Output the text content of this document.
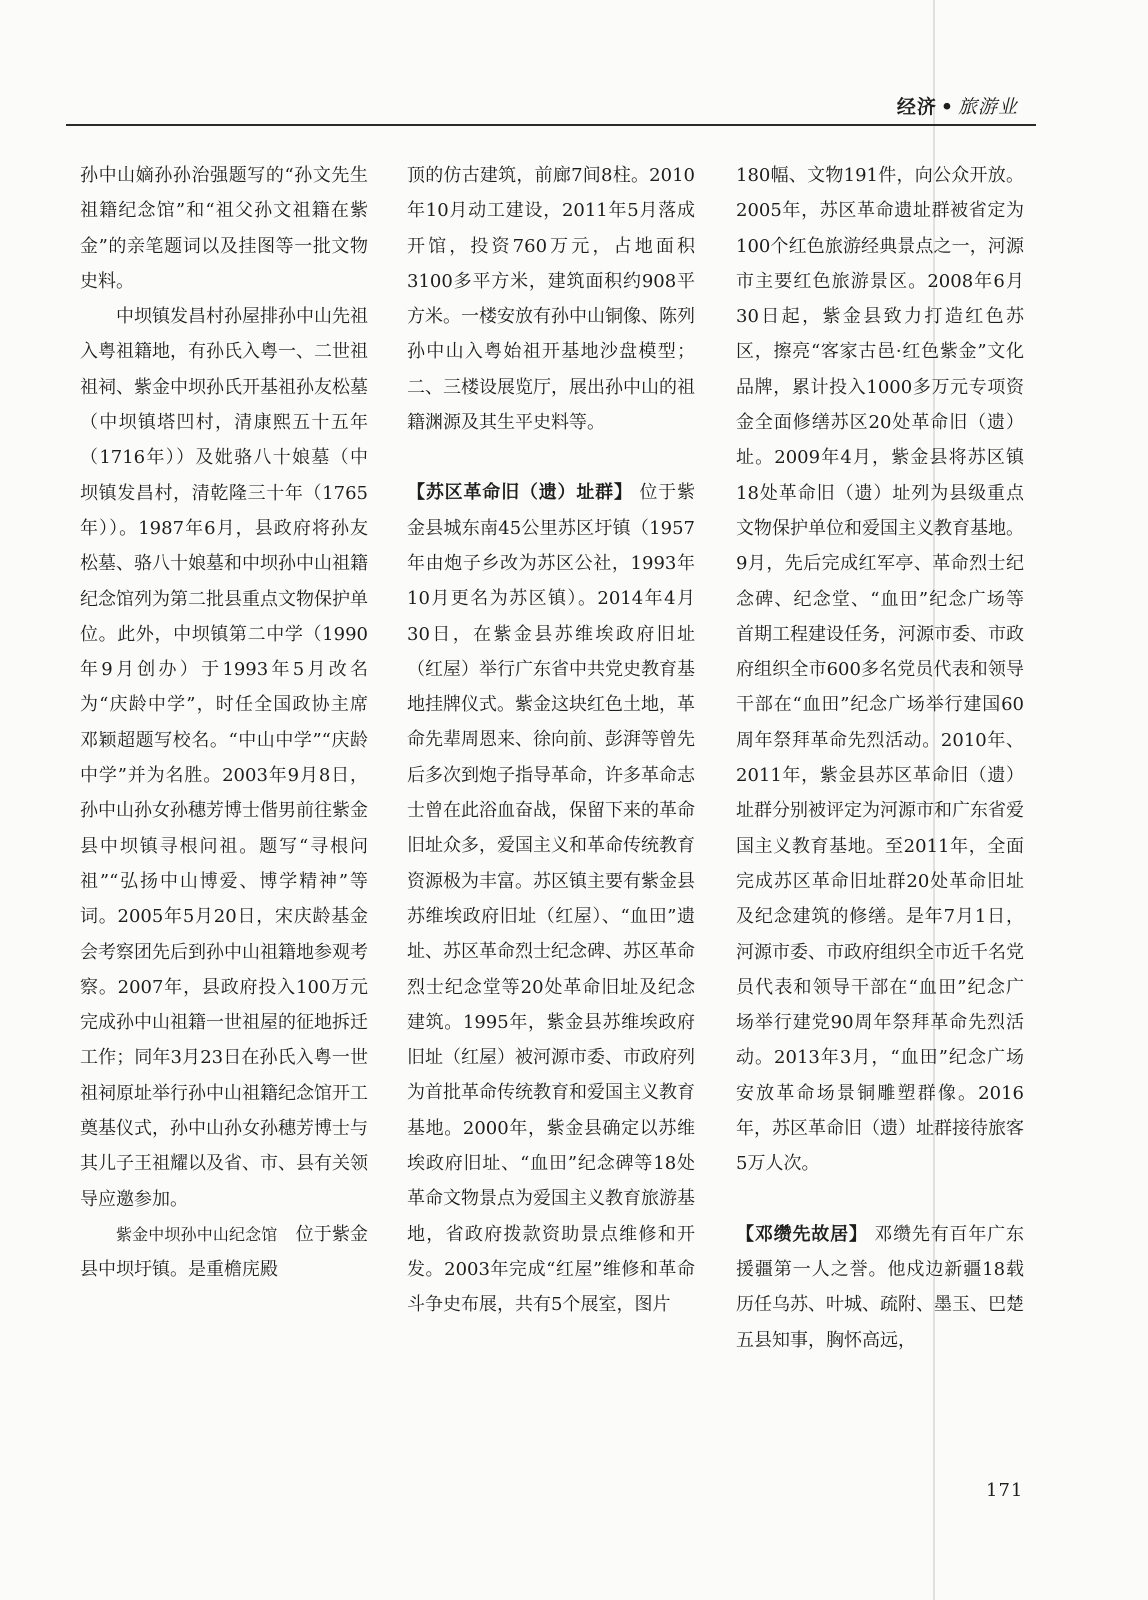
经济 • 旅游业

孙中山嫡孙孙治强题写的“孙文先生祖籍纪念馆”和“祖父孙文祖籍在紫金”的亲笔题词以及挂图等一批文物史料。

中坝镇发昌村孙屋排孙中山先祖入粤祖籍地，有孙氏入粤一、二世祖祖祠、紫金中坝孙氏开基祖孙友松墓（中坝镇塔凹村，清康熙五十五年（1716年））及妣骆八十娘墓（中坝镇发昌村，清乾隆三十年（1765年））。1987年6月，县政府将孙友松墓、骆八十娘墓和中坝孙中山祖籍纪念馆列为第二批县重点文物保护单位。此外，中坝镇第二中学（1990年9月创办）于1993年5月改名为“庆龄中学”，时任全国政协主席邓颖超题写校名。“中山中学”“庆龄中学”并为名胜。2003年9月8日，孙中山孙女孙穗芳博士偕男前往紫金县中坝镇寻根问祖。题写“寻根问祖”“弘扬中山博爱、博学精神”等词。2005年5月20日，宋庆龄基金会考察团先后到孙中山祖籍地参观考察。2007年，县政府投入100万元完成孙中山祖籍一世祖屋的征地拆迁工作；同年3月23日在孙氏入粤一世祖祠原址举行孙中山祖籍纪念馆开工奠基仪式，孙中山孙女孙穗芳博士与其儿子王祖耀以及省、市、县有关领导应邀参加。

紫金中坝孙中山纪念馆　 位于紫金县中坝圩镇。是重檐庑殿

顶的仿古建筑，前廊7间8柱。2010年10月动工建设，2011年5月落成开馆，投资760万元，占地面积3100多平方米，建筑面积约908平方米。一楼安放有孙中山铜像、陈列孙中山入粤始祖开基地沙盘模型；二、三楼设展览厅，展出孙中山的祖籍渊源及其生平史料等。

【苏区革命旧（遗）址群】 位于紫金县城东南45公里苏区圩镇（1957年由炮子乡改为苏区公社，1993年10月更名为苏区镇）。2014年4月30日，在紫金县苏维埃政府旧址（红屋）举行广东省中共党史教育基地挂牌仪式。紫金这块红色土地，革命先辈周恩来、徐向前、彭湃等曾先后多次到炮子指导革命，许多革命志士曾在此浴血奋战，保留下来的革命旧址众多，爱国主义和革命传统教育资源极为丰富。苏区镇主要有紫金县苏维埃政府旧址（红屋）、“血田”遗址、苏区革命烈士纪念碑、苏区革命烈士纪念堂等20处革命旧址及纪念建筑。1995年，紫金县苏维埃政府旧址（红屋）被河源市委、市政府列为首批革命传统教育和爱国主义教育基地。2000年，紫金县确定以苏维埃政府旧址、“血田”纪念碑等18处革命文物景点为爱国主义教育旅游基地，省政府拨款资助景点维修和开发。2003年完成“红屋”维修和革命斗争史布展，共有5个展室，图片

180幅、文物191件，向公众开放。2005年，苏区革命遗址群被省定为100个红色旅游经典景点之一，河源市主要红色旅游景区。2008年6月30日起，紫金县致力打造红色苏区，擦亮“客家古邑·红色紫金”文化品牌，累计投入1000多万元专项资金全面修缮苏区20处革命旧（遗）址。2009年4月，紫金县将苏区镇18处革命旧（遗）址列为县级重点文物保护单位和爱国主义教育基地。9月，先后完成红军亭、革命烈士纪念碑、纪念堂、“血田”纪念广场等首期工程建设任务，河源市委、市政府组织全市600多名党员代表和领导干部在“血田”纪念广场举行建国60周年祭拜革命先烈活动。2010年、2011年，紫金县苏区革命旧（遗）址群分别被评定为河源市和广东省爱国主义教育基地。至2011年，全面完成苏区革命旧址群20处革命旧址及纪念建筑的修缮。是年7月1日，河源市委、市政府组织全市近千名党员代表和领导干部在“血田”纪念广场举行建党90周年祭拜革命先烈活动。2013年3月，“血田”纪念广场安放革命场景铜雕塑群像。2016年，苏区革命旧（遗）址群接待旅客5万人次。

【邓缵先故居】 邓缵先有百年广东援疆第一人之誉。他戍边新疆18载历任乌苏、叶城、疏附、墨玉、巴楚五县知事，胸怀高远，

171
